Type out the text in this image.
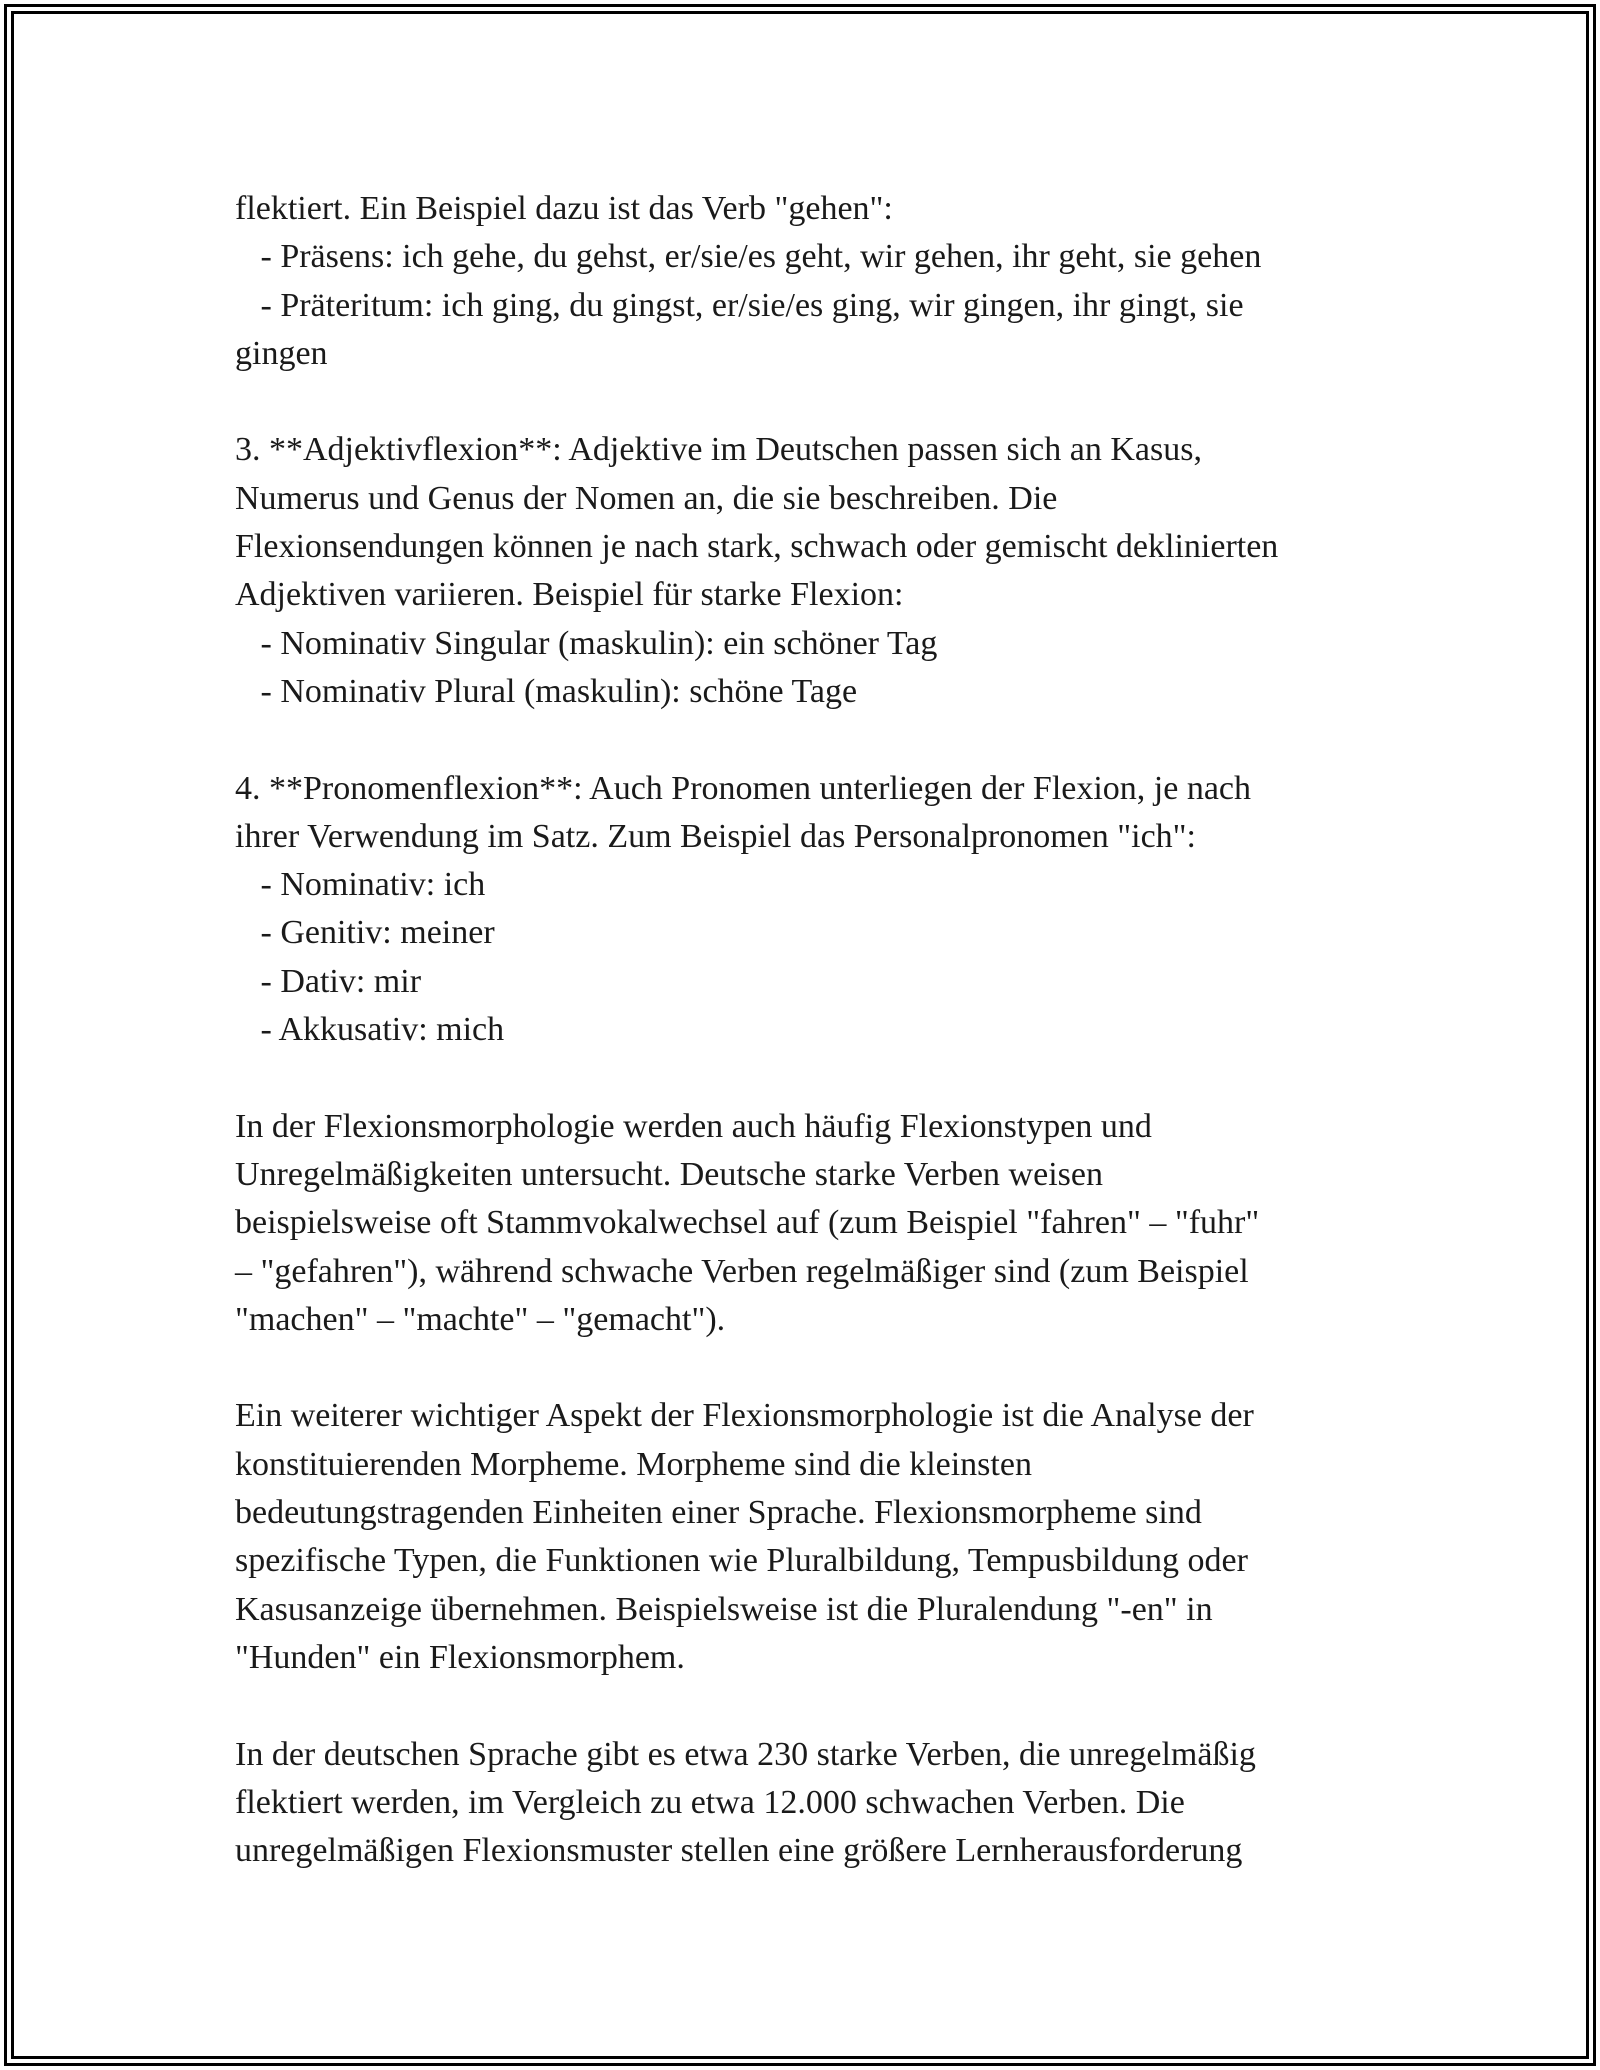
flektiert. Ein Beispiel dazu ist das Verb "gehen":
- Präsens: ich gehe, du gehst, er/sie/es geht, wir gehen, ihr geht, sie gehen
- Präteritum: ich ging, du gingst, er/sie/es ging, wir gingen, ihr gingt, sie
gingen
3. **Adjektivflexion**: Adjektive im Deutschen passen sich an Kasus,
Numerus und Genus der Nomen an, die sie beschreiben. Die
Flexionsendungen können je nach stark, schwach oder gemischt deklinierten
Adjektiven variieren. Beispiel für starke Flexion:
- Nominativ Singular (maskulin): ein schöner Tag
- Nominativ Plural (maskulin): schöne Tage
4. **Pronomenflexion**: Auch Pronomen unterliegen der Flexion, je nach
ihrer Verwendung im Satz. Zum Beispiel das Personalpronomen "ich":
- Nominativ: ich
- Genitiv: meiner
- Dativ: mir
- Akkusativ: mich
In der Flexionsmorphologie werden auch häufig Flexionstypen und
Unregelmäßigkeiten untersucht. Deutsche starke Verben weisen
beispielsweise oft Stammvokalwechsel auf (zum Beispiel "fahren" – "fuhr"
– "gefahren"), während schwache Verben regelmäßiger sind (zum Beispiel
"machen" – "machte" – "gemacht").
Ein weiterer wichtiger Aspekt der Flexionsmorphologie ist die Analyse der
konstituierenden Morpheme. Morpheme sind die kleinsten
bedeutungstragenden Einheiten einer Sprache. Flexionsmorpheme sind
spezifische Typen, die Funktionen wie Pluralbildung, Tempusbildung oder
Kasusanzeige übernehmen. Beispielsweise ist die Pluralendung "-en" in
"Hunden" ein Flexionsmorphem.
In der deutschen Sprache gibt es etwa 230 starke Verben, die unregelmäßig
flektiert werden, im Vergleich zu etwa 12.000 schwachen Verben. Die
unregelmäßigen Flexionsmuster stellen eine größere Lernherausforderung
